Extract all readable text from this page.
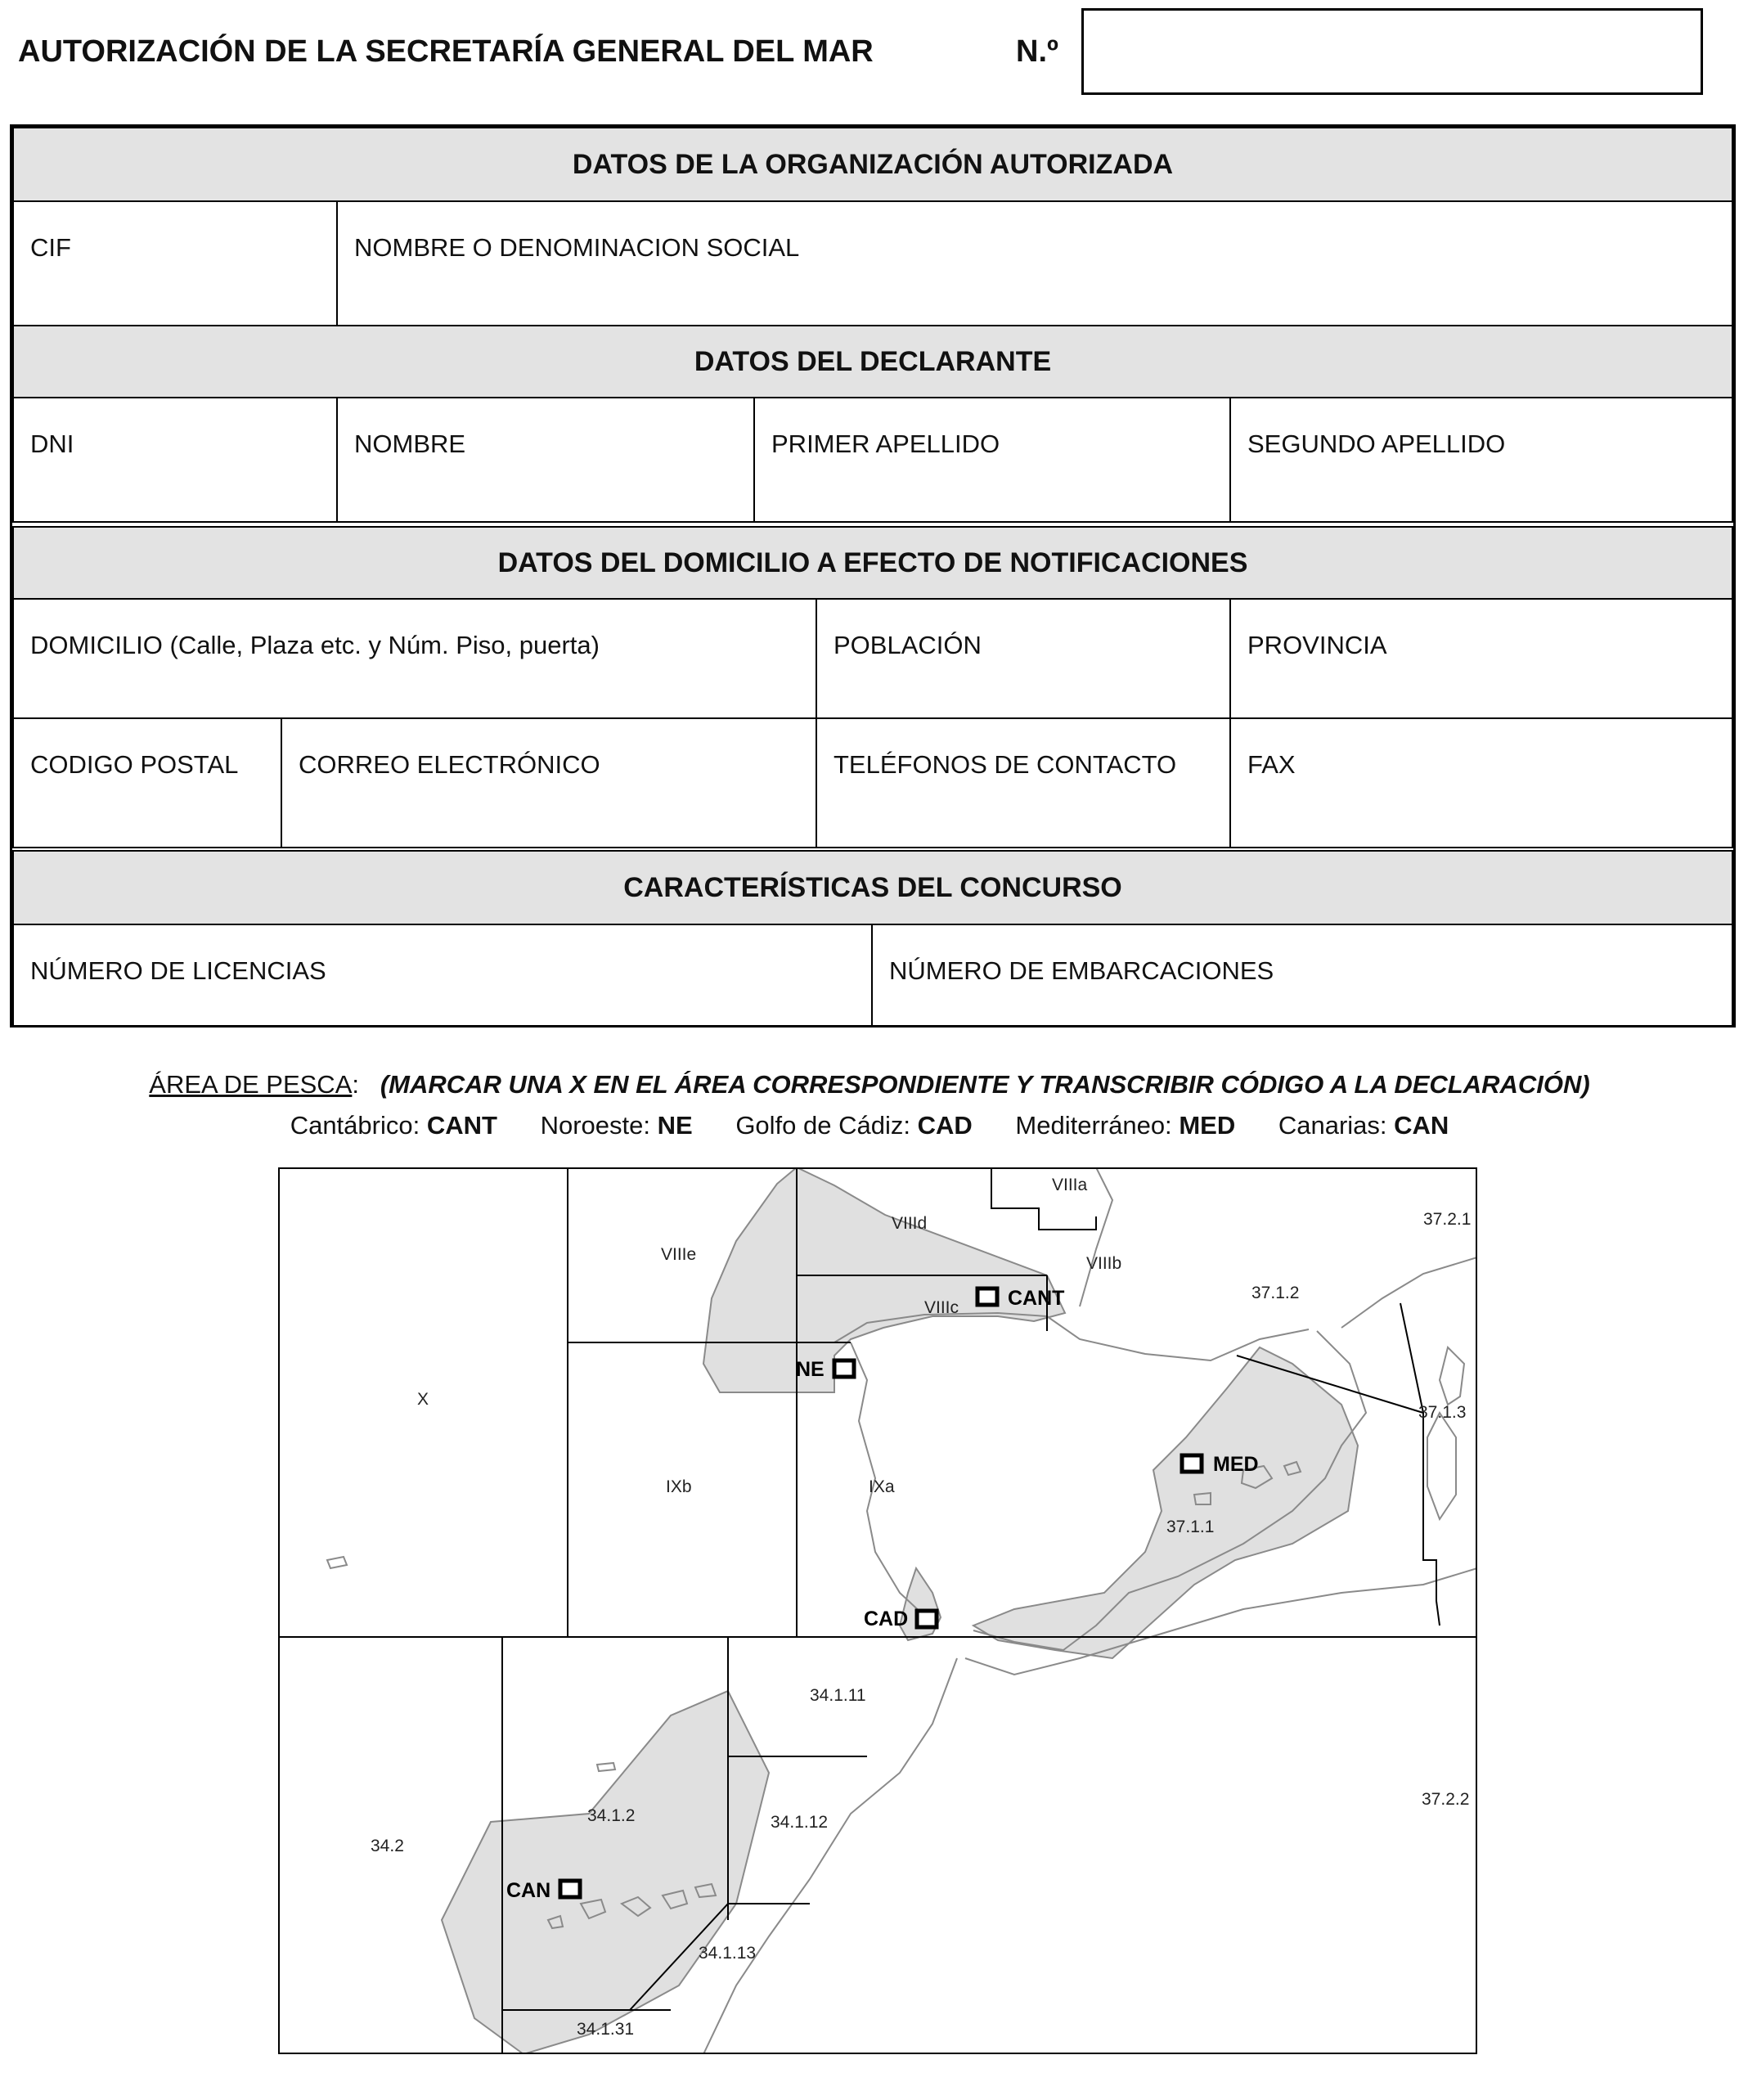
AUTORIZACIÓN DE LA SECRETARÍA GENERAL DEL MAR	N.º
DATOS DE LA ORGANIZACIÓN AUTORIZADA
CIF	NOMBRE O DENOMINACION SOCIAL
DATOS DEL DECLARANTE
DNI	NOMBRE	PRIMER APELLIDO	SEGUNDO APELLIDO
DATOS DEL DOMICILIO A EFECTO DE NOTIFICACIONES
DOMICILIO (Calle, Plaza etc. y Núm. Piso, puerta)	POBLACIÓN	PROVINCIA
CODIGO POSTAL	CORREO ELECTRÓNICO	TELÉFONOS DE CONTACTO	FAX
CARACTERÍSTICAS DEL CONCURSO
NÚMERO DE LICENCIAS	NÚMERO DE EMBARCACIONES
ÁREA DE PESCA: (MARCAR UNA X EN EL ÁREA CORRESPONDIENTE Y TRANSCRIBIR CÓDIGO A LA DECLARACIÓN)
Cantábrico: CANT Noroeste: NE Golfo de Cádiz: CAD Mediterráneo: MED Canarias: CAN
VIIIa
VIIId
VIIIe	VIIIb
VIIIc
X
IXb	IXa
37.2.1
37.1.2
37.1.3
37.1.1
34.1.11
34.1.2	34.1.12
34.2
34.1.13
34.1.31
37.2.2
CANT
NE
MED
CAD
CAN
